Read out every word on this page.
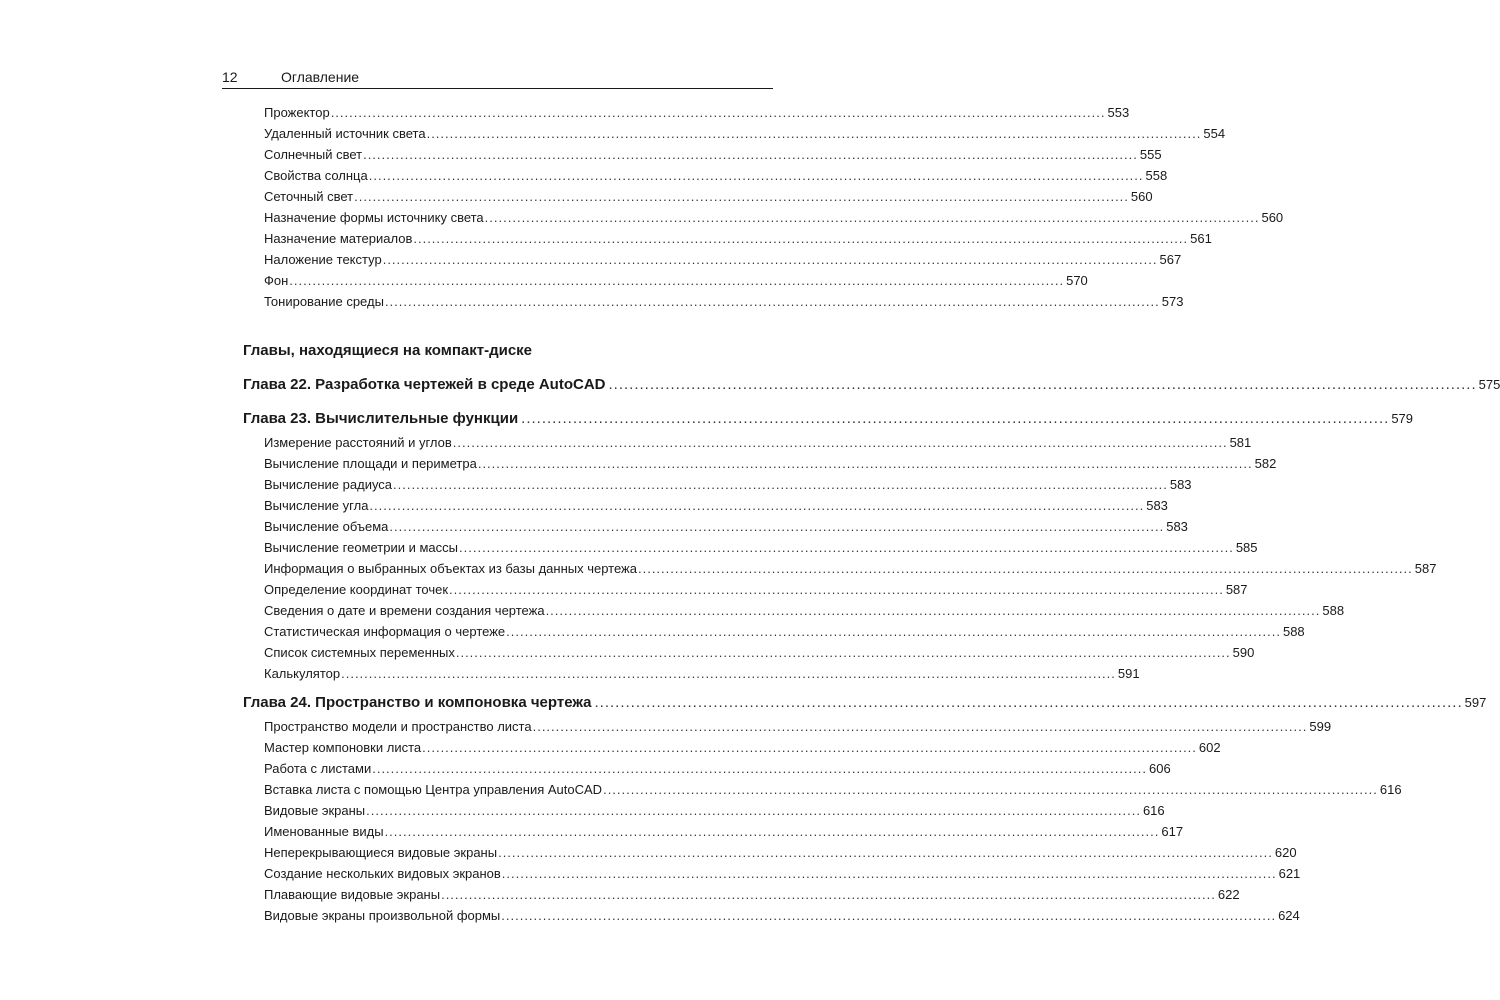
12	Оглавление
Прожектор ........................................................................................................................................................................ 553
Удаленный источник света ........................................................................................................................................................................ 554
Солнечный свет ........................................................................................................................................................................ 555
Свойства солнца ........................................................................................................................................................................ 558
Сеточный свет ........................................................................................................................................................................ 560
Назначение формы источнику света ........................................................................................................................................................................ 560
Назначение материалов ........................................................................................................................................................................ 561
Наложение текстур ........................................................................................................................................................................ 567
Фон ........................................................................................................................................................................ 570
Тонирование среды ........................................................................................................................................................................ 573
Главы, находящиеся на компакт-диске
Глава 22. Разработка чертежей в среде AutoCAD ........................................................................................................................................................................ 575
Глава 23. Вычислительные функции ........................................................................................................................................................................ 579
Измерение расстояний и углов ........................................................................................................................................................................ 581
Вычисление площади и периметра ........................................................................................................................................................................ 582
Вычисление радиуса ........................................................................................................................................................................ 583
Вычисление угла ........................................................................................................................................................................ 583
Вычисление объема ........................................................................................................................................................................ 583
Вычисление геометрии и массы ........................................................................................................................................................................ 585
Информация о выбранных объектах из базы данных чертежа ........................................................................................................................................................................ 587
Определение координат точек ........................................................................................................................................................................ 587
Сведения о дате и времени создания чертежа ........................................................................................................................................................................ 588
Статистическая информация о чертеже ........................................................................................................................................................................ 588
Список системных переменных ........................................................................................................................................................................ 590
Калькулятор ........................................................................................................................................................................ 591
Глава 24. Пространство и компоновка чертежа ........................................................................................................................................................................ 597
Пространство модели и пространство листа ........................................................................................................................................................................ 599
Мастер компоновки листа ........................................................................................................................................................................ 602
Работа с листами ........................................................................................................................................................................ 606
Вставка листа с помощью Центра управления AutoCAD ........................................................................................................................................................................ 616
Видовые экраны ........................................................................................................................................................................ 616
Именованные виды ........................................................................................................................................................................ 617
Неперекрывающиеся видовые экраны ........................................................................................................................................................................ 620
Создание нескольких видовых экранов ........................................................................................................................................................................ 621
Плавающие видовые экраны ........................................................................................................................................................................ 622
Видовые экраны произвольной формы ........................................................................................................................................................................ 624
